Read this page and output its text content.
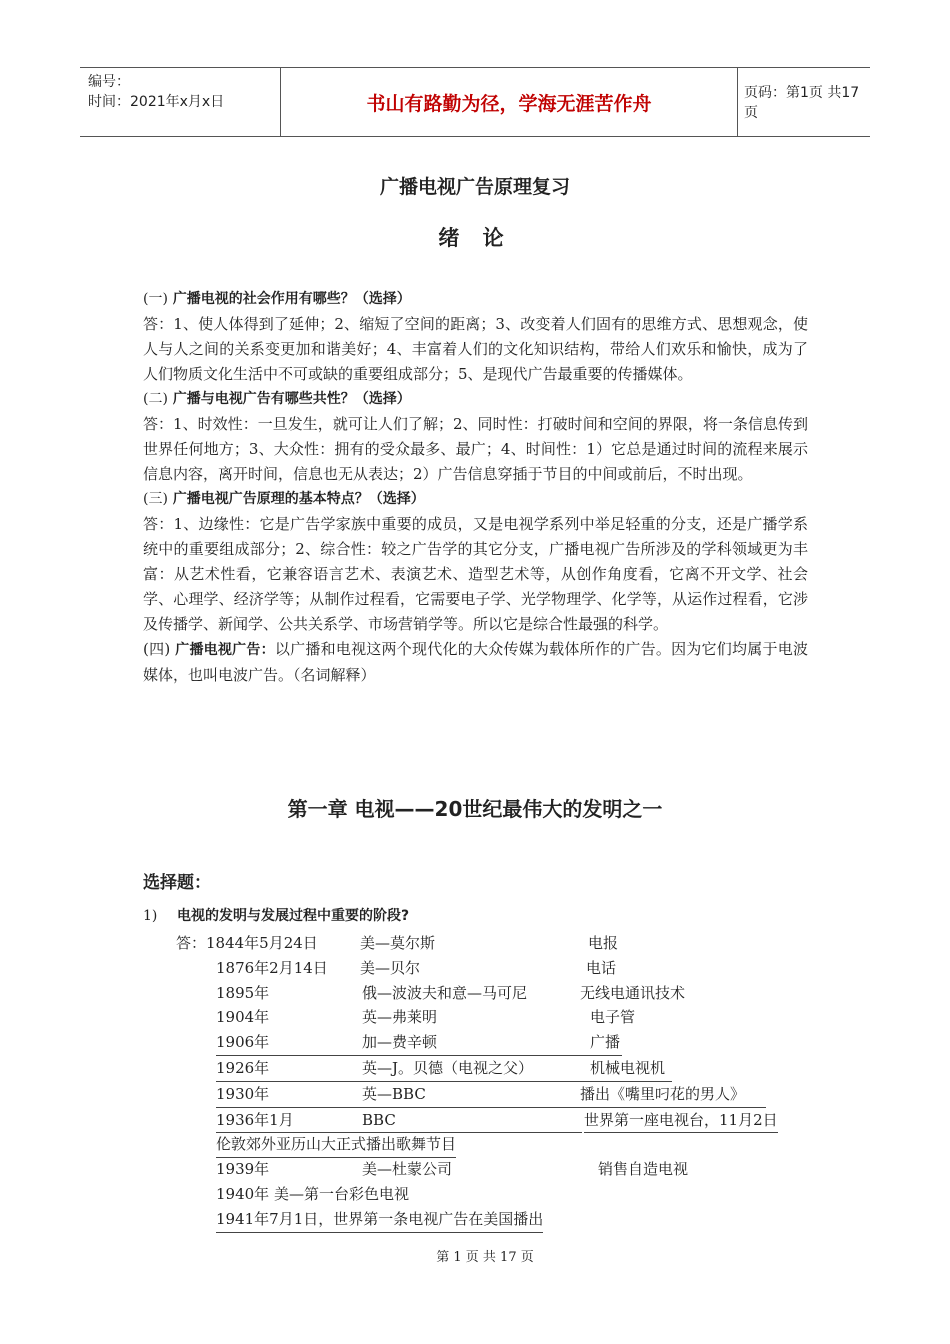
编号：
时间：2021年x月x日	书山有路勤为径，学海无涯苦作舟	页码：第1页 共17页
广播电视广告原理复习
绪 论
(一) 广播电视的社会作用有哪些？（选择）

答：1、使人体得到了延伸；2、缩短了空间的距离；3、改变着人们固有的思维方式、思想观念，使人与人之间的关系变更加和谐美好；4、丰富着人们的文化知识结构，带给人们欢乐和愉快，成为了人们物质文化生活中不可或缺的重要组成部分；5、是现代广告最重要的传播媒体。

(二) 广播与电视广告有哪些共性？（选择）

答：1、时效性：一旦发生，就可让人们了解；2、同时性：打破时间和空间的界限，将一条信息传到世界任何地方；3、大众性：拥有的受众最多、最广；4、时间性：1）它总是通过时间的流程来展示信息内容，离开时间，信息也无从表达；2）广告信息穿插于节目的中间或前后，不时出现。

(三) 广播电视广告原理的基本特点？（选择）

答：1、边缘性：它是广告学家族中重要的成员，又是电视学系列中举足轻重的分支，还是广播学系统中的重要组成部分；2、综合性：较之广告学的其它分支，广播电视广告所涉及的学科领域更为丰富：从艺术性看，它兼容语言艺术、表演艺术、造型艺术等，从创作角度看，它离不开文学、社会学、心理学、经济学等；从制作过程看，它需要电子学、光学物理学、化学等，从运作过程看，它涉及传播学、新闻学、公共关系学、市场营销学等。所以它是综合性最强的科学。

(四) 广播电视广告：以广播和电视这两个现代化的大众传媒为载体所作的广告。因为它们均属于电波媒体，也叫电波广告。（名词解释）

第一章 电视——20世纪最伟大的发明之一
选择题：
1) 电视的发明与发展过程中重要的阶段?
答：1844年5月24日	美—莫尔斯	电报
1876年2月14日 美—贝尔	电话
1895年	俄—波波夫和意—马可尼	无线电通讯技术
1904年	英—弗莱明	电子管
1906年	加—费辛顿	广播
1926年	英—J。贝德（电视之父）	机械电视机
1930年	英—BBC	播出《嘴里叼花的男人》
1936年1月	BBC	世界第一座电视台，11月2日
伦敦郊外亚历山大正式播出歌舞节目
1939年	美—杜蒙公司	销售自造电视
1940年 美—第一台彩色电视
1941年7月1日，世界第一条电视广告在美国播出
第 1 页 共 17 页
